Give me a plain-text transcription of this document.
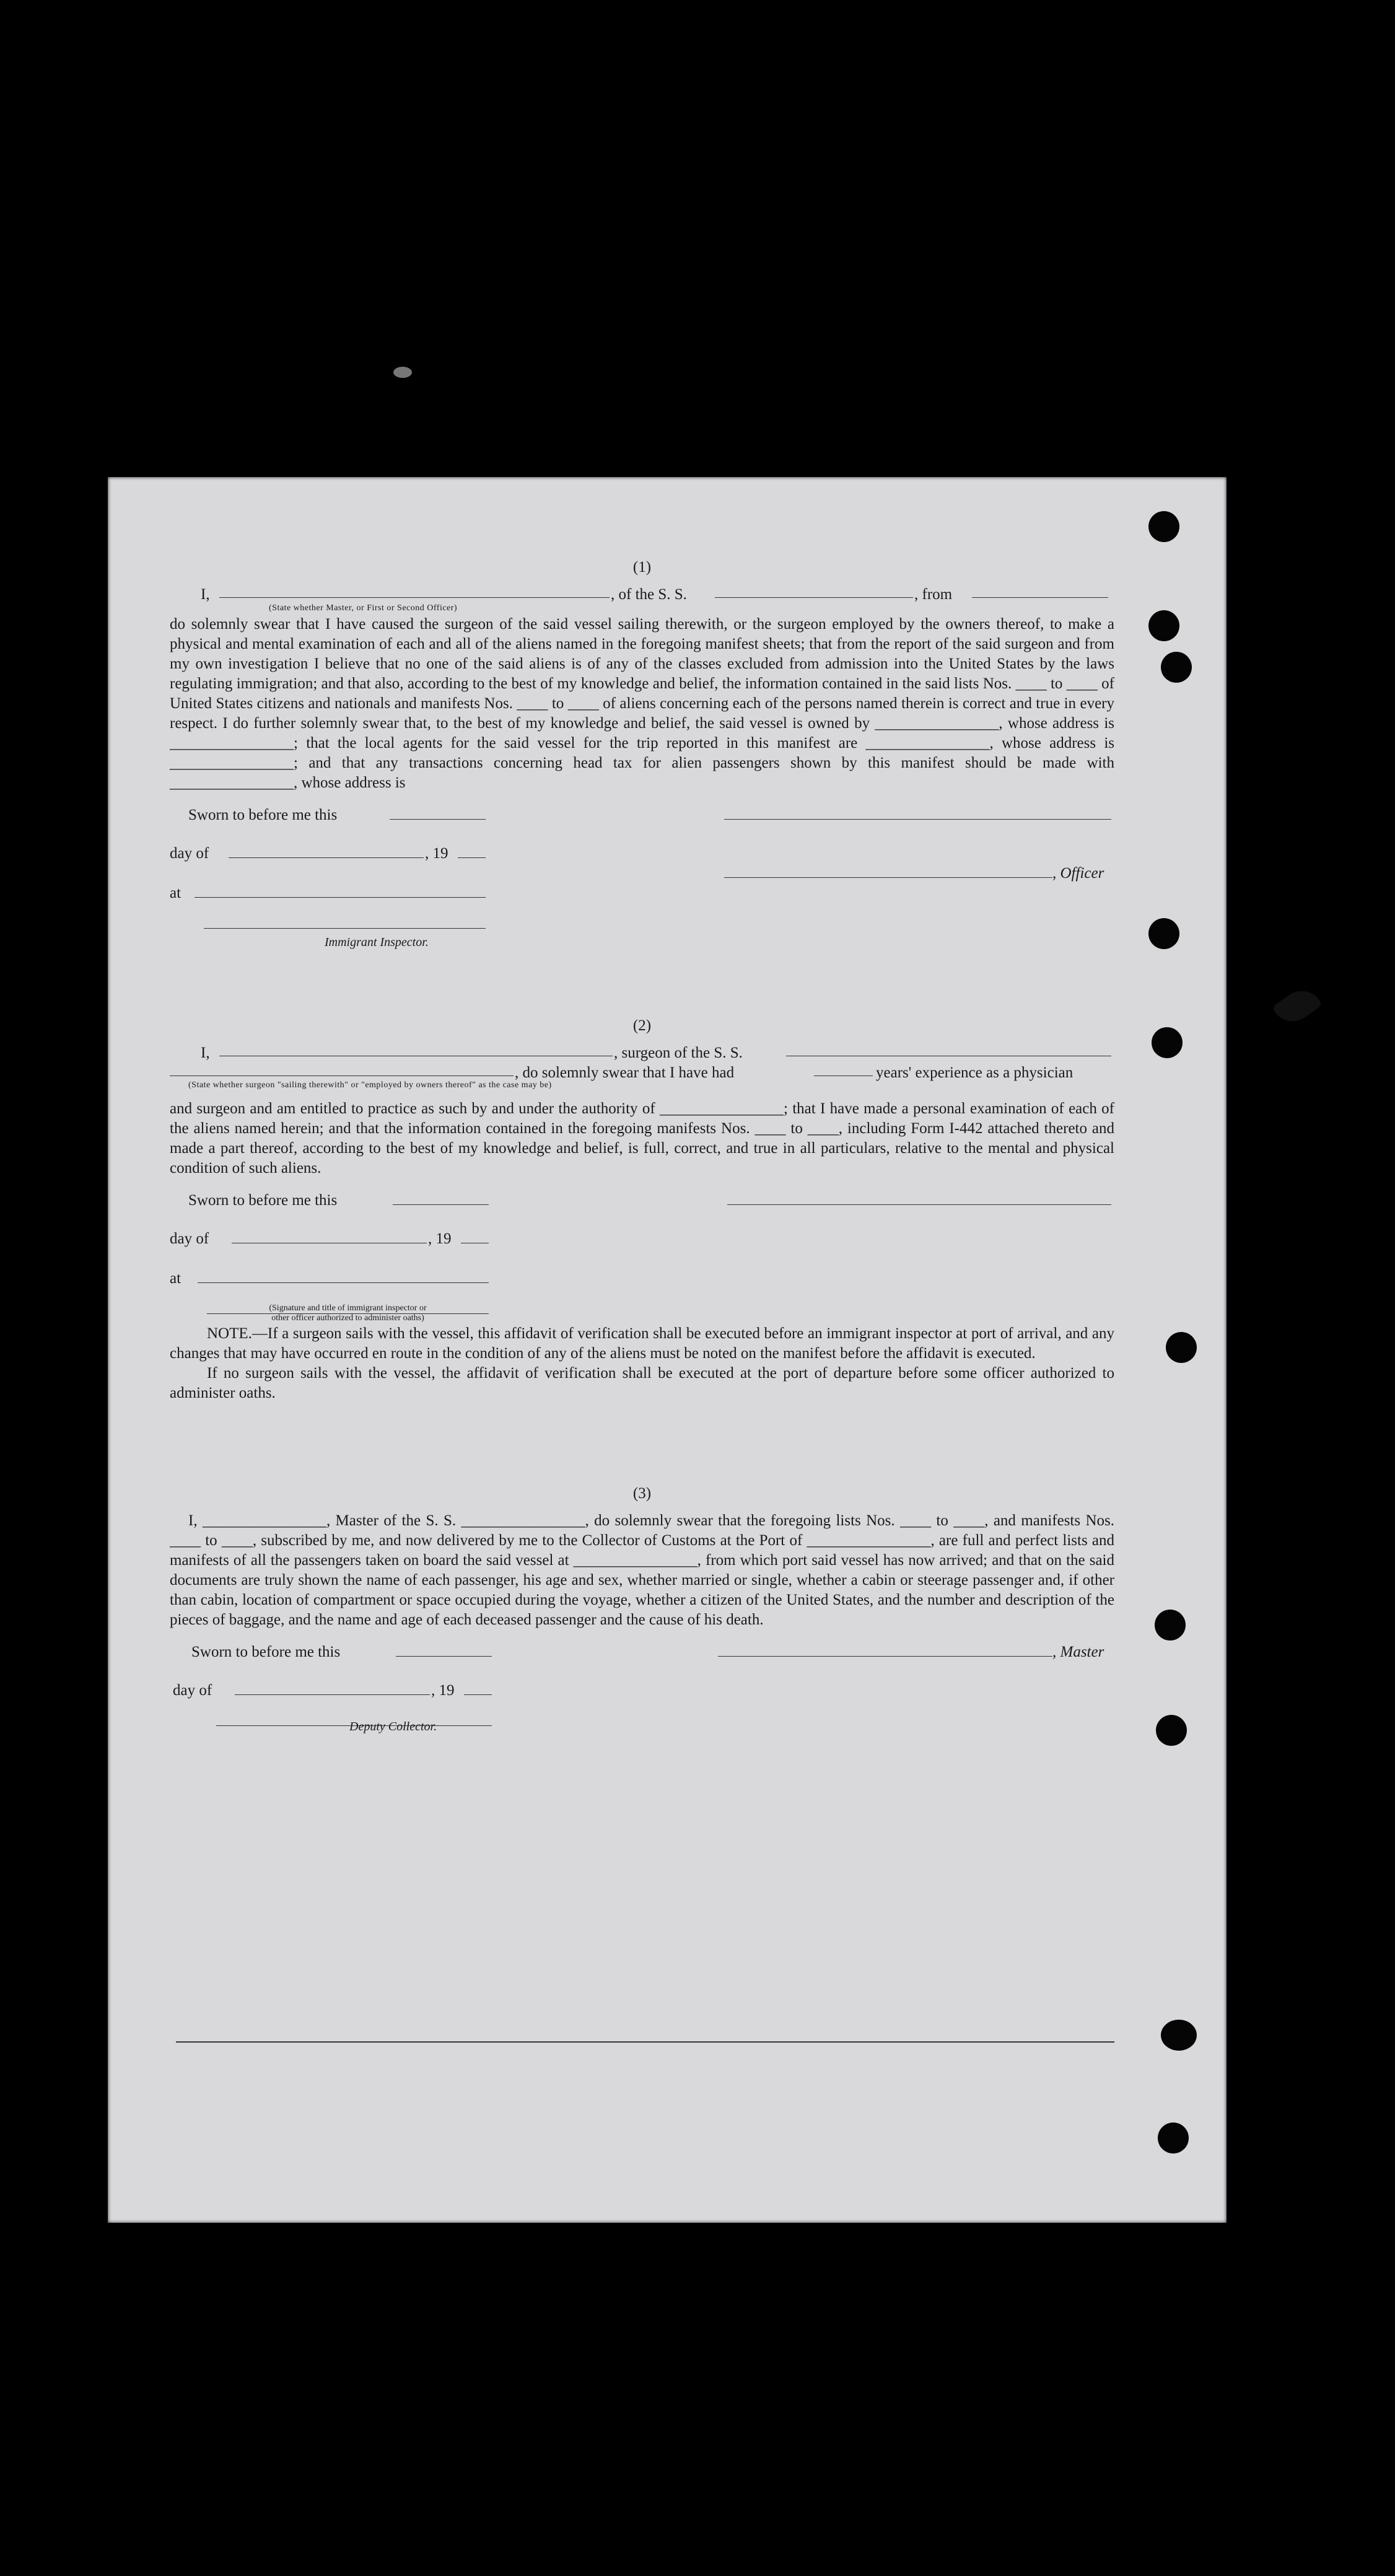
(1)
I,	, of the S. S.	, from
(State whether Master, or First or Second Officer)

do solemnly swear that I have caused the surgeon of the said vessel sailing therewith, or the surgeon employed by the owners thereof, to make a physical and mental examination of each and all of the aliens named in the foregoing manifest sheets; that from the report of the said surgeon and from my own investigation I believe that no one of the said aliens is of any of the classes excluded from admission into the United States by the laws regulating immigration; and that also, according to the best of my knowledge and belief, the information contained in the said lists Nos. ____ to ____ of United States citizens and nationals and manifests Nos. ____ to ____ of aliens concerning each of the persons named therein is correct and true in every respect. I do further solemnly swear that, to the best of my knowledge and belief, the said vessel is owned by ________________, whose address is ________________; that the local agents for the said vessel for the trip reported in this manifest are ________________, whose address is ________________; and that any transactions concerning head tax for alien passengers shown by this manifest should be made with ________________, whose address is

Sworn to before me this
day of	, 19
, Officer
at
Immigrant Inspector.
(2)
I,	, surgeon of the S. S.
, do solemnly swear that I have had	years' experience as a physician
(State whether surgeon "sailing therewith" or "employed by owners thereof" as the case may be)

and surgeon and am entitled to practice as such by and under the authority of ________________; that I have made a personal examination of each of the aliens named herein; and that the information contained in the foregoing manifests Nos. ____ to ____, including Form I-442 attached thereto and made a part thereof, according to the best of my knowledge and belief, is full, correct, and true in all particulars, relative to the mental and physical condition of such aliens.

Sworn to before me this
day of	, 19
at
(Signature and title of immigrant inspector or
other officer authorized to administer oaths)

NOTE.—If a surgeon sails with the vessel, this affidavit of verification shall be executed before an immigrant inspector at port of arrival, and any changes that may have occurred en route in the condition of any of the aliens must be noted on the manifest before the affidavit is executed.

If no surgeon sails with the vessel, the affidavit of verification shall be executed at the port of departure before some officer authorized to administer oaths.

(3)

I, ________________, Master of the S. S. ________________, do solemnly swear that the foregoing lists Nos. ____ to ____, and manifests Nos. ____ to ____, subscribed by me, and now delivered by me to the Collector of Customs at the Port of ________________, are full and perfect lists and manifests of all the passengers taken on board the said vessel at ________________, from which port said vessel has now arrived; and that on the said documents are truly shown the name of each passenger, his age and sex, whether married or single, whether a cabin or steerage passenger and, if other than cabin, location of compartment or space occupied during the voyage, whether a citizen of the United States, and the number and description of the pieces of baggage, and the name and age of each deceased passenger and the cause of his death.

Sworn to before me this	, Master
day of	, 19
Deputy Collector.
